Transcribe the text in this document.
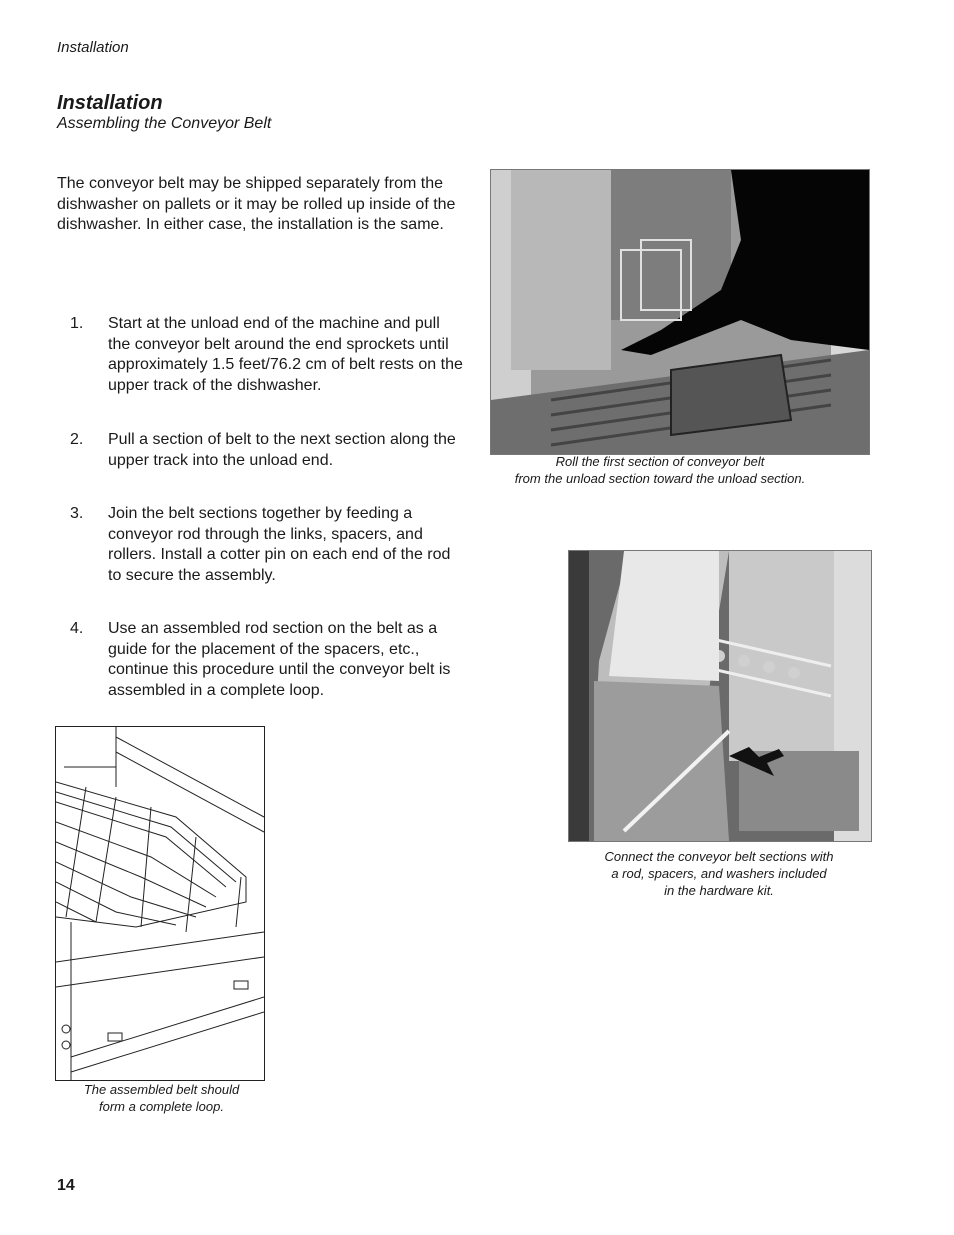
Installation
Installation
Assembling the Conveyor Belt
The conveyor belt may be shipped separately from the dishwasher on pallets or it may be rolled up inside of the dishwasher. In either case, the installation is the same.
1.	Start at the unload end of the machine and pull the conveyor belt around the end sprockets until approximately 1.5 feet/76.2 cm of belt rests on the upper track of the dishwasher.
2.	Pull a section of belt to the next section along the upper track into the unload end.
3.	Join the belt sections together by feeding a conveyor rod through the links, spacers, and rollers. Install a cotter pin on each end of the rod to secure the assembly.
4.	Use an assembled rod section on the belt as a guide for the placement of the spacers, etc., continue this procedure until the conveyor belt is assembled in a complete loop.
Roll the first section of conveyor belt
from the unload section toward the unload section.
Connect the conveyor belt sections with
a rod, spacers, and washers included
in the hardware kit.
The assembled belt should
form a complete loop.
14
